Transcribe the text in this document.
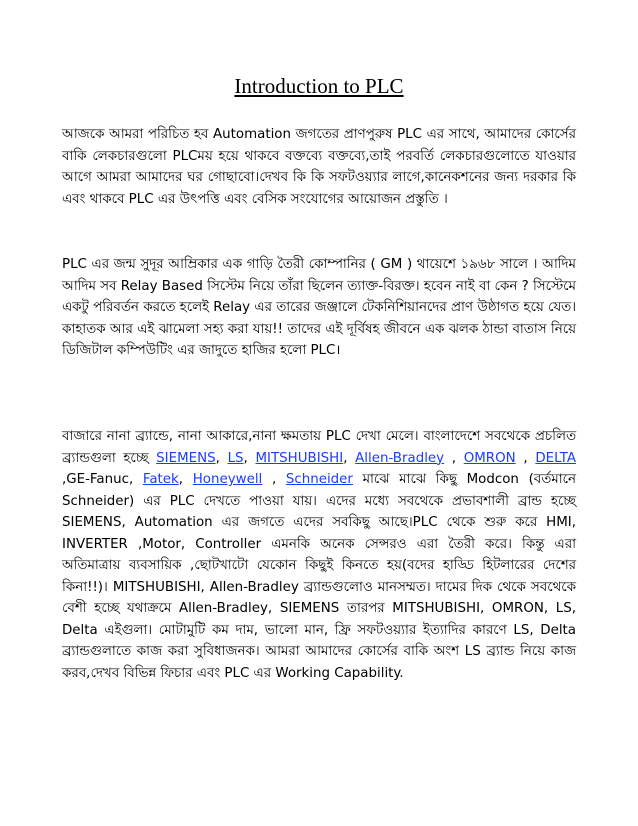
Introduction to PLC

আজকে আমরা পরিচিত হব Automation জগতের প্রাণপুরুষ PLC এর সাথে, আমাদের কোর্সের বাকি লেকচারগুলো PLCময় হয়ে থাকবে বক্তব্যে বক্তব্যে,তাই পরবর্তি লেকচারগুলোতে যাওয়ার আগে আমরা আমাদের ঘর গোছাবো।দেখব কি কি সফটওয়্যার লাগে,কানেকশনের জন্য দরকার কি এবং থাকবে PLC এর উৎপত্তি এবং বেসিক সংযোগের আয়োজন প্রস্তুতি ।

PLC এর জন্ম সুদূর আম্রিকার এক গাড়ি তৈরী কোম্পানির ( GM ) থায়েশে ১৯৬৮ সালে । আদিম আদিম সব Relay Based সিস্টেম নিয়ে তাঁরা ছিলেন ত্যাক্ত-বিরক্ত। হবেন নাই বা কেন ? সিস্টেমে একটু পরিবর্তন করতে হলেই Relay এর তারের জঞ্জালে টেকনিশিয়ানদের প্রাণ উষ্ঠাগত হয়ে যেত। কাহাতক আর এই ঝামেলা সহ্য করা যায়!! তাদের এই দূর্বিষহ জীবনে এক ঝলক ঠান্ডা বাতাস নিয়ে ডিজিটাল কম্পিউটিং এর জাদুতে হাজির হলো PLC।

বাজারে নানা ব্র্যান্ডে, নানা আকারে,নানা ক্ষমতায় PLC দেখা মেলে। বাংলাদেশে সবথেকে প্রচলিত ব্র্যান্ডগুলা হচ্ছে SIEMENS, LS, MITSHUBISHI, Allen-Bradley , OMRON , DELTA ,GE-Fanuc, Fatek, Honeywell , Schneider মাঝে মাঝে কিছু Modcon (বর্তমানে Schneider) এর PLC দেখতে পাওয়া যায়। এদের মধ্যে সবথেকে প্রভাবশালী ব্রান্ড হচ্ছে SIEMENS, Automation এর জগতে এদের সবকিছু আছে।PLC থেকে শুরু করে HMI, INVERTER ,Motor, Controller এমনকি অনেক সেন্সরও এরা তৈরী করে। কিন্তু এরা অতিমাত্রায় ব্যবসায়িক ,ছোটখাটো যেকোন কিছুই কিনতে হয়(বদের হাড্ডি হিটলারের দেশের কিনা!!)। MITSHUBISHI, Allen-Bradley ব্র্যান্ডগুলোও মানসম্মত। দামের দিক থেকে সবথেকে বেশী হচ্ছে যথাক্রমে Allen-Bradley, SIEMENS তারপর MITSHUBISHI, OMRON, LS, Delta এইগুলা। মোটামুটি কম দাম, ভালো মান, ফ্রি সফটওয়্যার ইত্যাদির কারণে LS, Delta ব্র্যান্ডগুলাতে কাজ করা সুবিধাজনক। আমরা আমাদের কোর্সের বাকি অংশ LS ব্র্যান্ড নিয়ে কাজ করব,দেখব বিভিন্ন ফিচার এবং PLC এর Working Capability.
